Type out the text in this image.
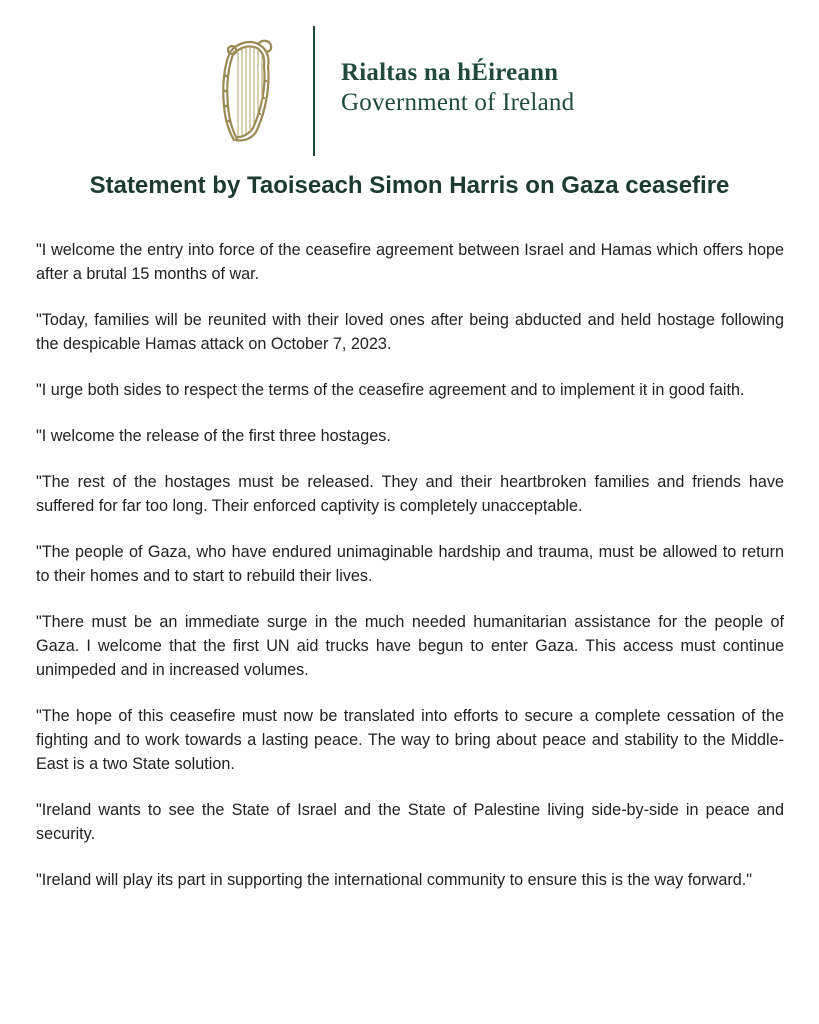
Rialtas na hÉireann
Government of Ireland
Statement by Taoiseach Simon Harris on Gaza ceasefire

"I welcome the entry into force of the ceasefire agreement between Israel and Hamas which offers hope after a brutal 15 months of war.

"Today, families will be reunited with their loved ones after being abducted and held hostage following the despicable Hamas attack on October 7, 2023.

"I urge both sides to respect the terms of the ceasefire agreement and to implement it in good faith.

"I welcome the release of the first three hostages.

"The rest of the hostages must be released. They and their heartbroken families and friends have suffered for far too long. Their enforced captivity is completely unacceptable.

"The people of Gaza, who have endured unimaginable hardship and trauma, must be allowed to return to their homes and to start to rebuild their lives.

"There must be an immediate surge in the much needed humanitarian assistance for the people of Gaza. I welcome that the first UN aid trucks have begun to enter Gaza. This access must continue unimpeded and in increased volumes.

"The hope of this ceasefire must now be translated into efforts to secure a complete cessation of the fighting and to work towards a lasting peace. The way to bring about peace and stability to the Middle-East is a two State solution.

"Ireland wants to see the State of Israel and the State of Palestine living side-by-side in peace and security.

"Ireland will play its part in supporting the international community to ensure this is the way forward."
